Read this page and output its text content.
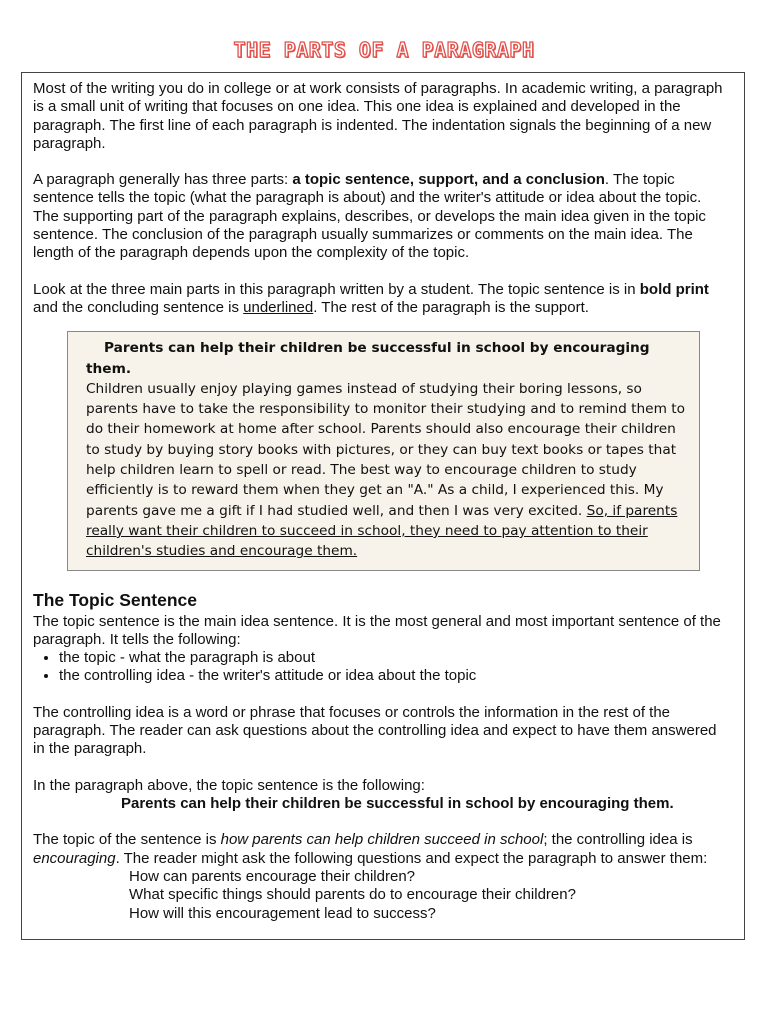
THE PARTS OF A PARAGRAPH

Most of the writing you do in college or at work consists of paragraphs. In academic writing, a paragraph is a small unit of writing that focuses on one idea. This one idea is explained and developed in the paragraph. The first line of each paragraph is indented. The indentation signals the beginning of a new paragraph.

A paragraph generally has three parts: a topic sentence, support, and a conclusion. The topic sentence tells the topic (what the paragraph is about) and the writer's attitude or idea about the topic. The supporting part of the paragraph explains, describes, or develops the main idea given in the topic sentence. The conclusion of the paragraph usually summarizes or comments on the main idea. The length of the paragraph depends upon the complexity of the topic.

Look at the three main parts in this paragraph written by a student. The topic sentence is in bold print and the concluding sentence is underlined. The rest of the paragraph is the support.

Parents can help their children be successful in school by encouraging them.
Children usually enjoy playing games instead of studying their boring lessons, so parents have to take the responsibility to monitor their studying and to remind them to do their homework at home after school. Parents should also encourage their children to study by buying story books with pictures, or they can buy text books or tapes that help children learn to spell or read. The best way to encourage children to study efficiently is to reward them when they get an "A." As a child, I experienced this. My parents gave me a gift if I had studied well, and then I was very excited. So, if parents really want their children to succeed in school, they need to pay attention to their children's studies and encourage them.
The Topic Sentence

The topic sentence is the main idea sentence. It is the most general and most important sentence of the paragraph. It tells the following:

• the topic - what the paragraph is about
• the controlling idea - the writer's attitude or idea about the topic

The controlling idea is a word or phrase that focuses or controls the information in the rest of the paragraph. The reader can ask questions about the controlling idea and expect to have them answered in the paragraph.

In the paragraph above, the topic sentence is the following:
Parents can help their children be successful in school by encouraging them.

The topic of the sentence is how parents can help children succeed in school; the controlling idea is encouraging. The reader might ask the following questions and expect the paragraph to answer them:

How can parents encourage their children?
What specific things should parents do to encourage their children?
How will this encouragement lead to success?
